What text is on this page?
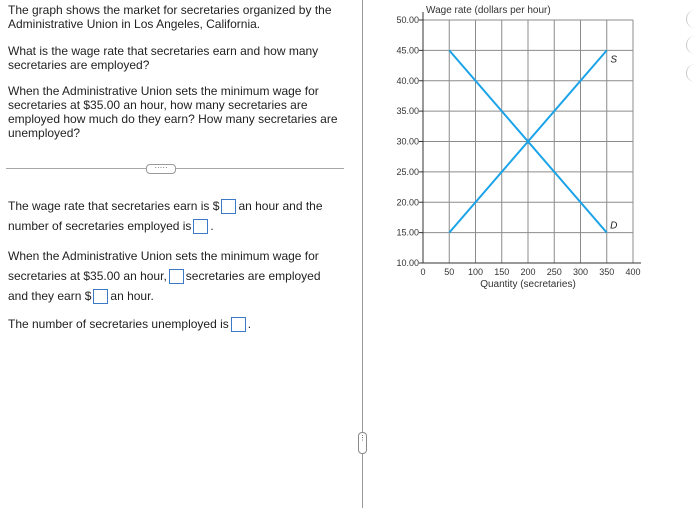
The graph shows the market for secretaries organized by the
Administrative Union in Los Angeles, California.

What is the wage rate that secretaries earn and how many
secretaries are employed?

When the Administrative Union sets the minimum wage for
secretaries at $35.00 an hour, how many secretaries are
employed how much do they earn? How many secretaries are
unemployed?

·····

The wage rate that secretaries earn is $ an hour and the
number of secretaries employed is .

When the Administrative Union sets the minimum wage for
secretaries at $35.00 an hour, secretaries are employed
and they earn $ an hour.

The number of secretaries unemployed is .

⋮
10.00
15.00
20.00
25.00
30.00
35.00
40.00
45.00
50.00
0 50 100 150 200 250 300 350 400
Wage rate (dollars per hour)
Quantity (secretaries)
S
D
